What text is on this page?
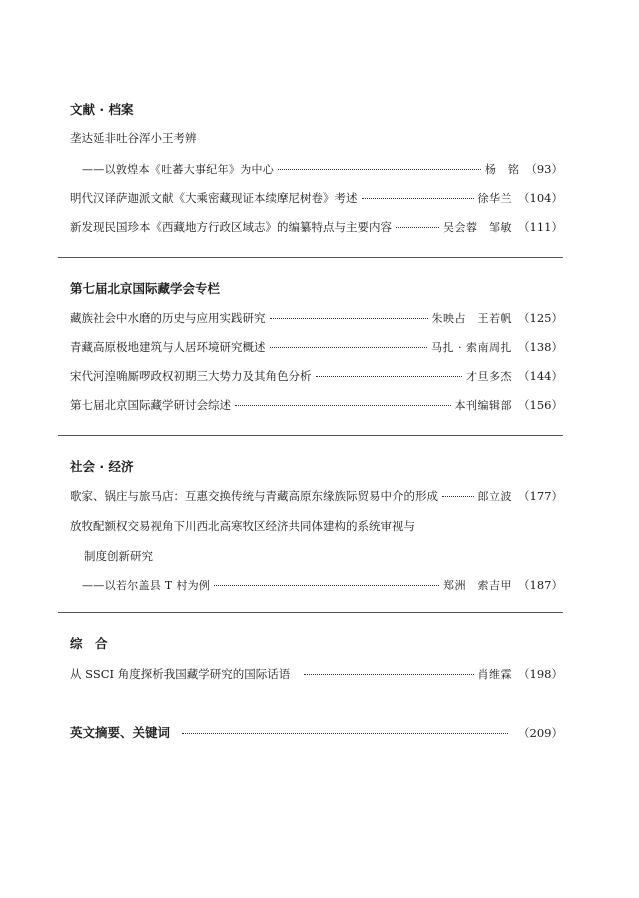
文献 · 档案
垄达延非吐谷浑小王考辨
——以敦煌本《吐蕃大事纪年》为中心	杨　铭 （93）
明代汉译萨迦派文献《大乘密藏现证本续摩尼树卷》考述	徐华兰 （104）
新发现民国珍本《西藏地方行政区域志》的编纂特点与主要内容	吴会蓉　邹敏 （111）
第七届北京国际藏学会专栏
藏族社会中水磨的历史与应用实践研究	朱映占　王若帆 （125）
青藏高原极地建筑与人居环境研究概述	马扎 · 索南周扎 （138）
宋代河湟唃厮啰政权初期三大势力及其角色分析	才旦多杰 （144）
第七届北京国际藏学研讨会综述	本刊编辑部 （156）
社会 · 经济
歌家、锅庄与旅马店：互惠交换传统与青藏高原东缘族际贸易中介的形成	郎立波 （177）
放牧配额权交易视角下川西北高寒牧区经济共同体建构的系统审视与
制度创新研究
——以若尔盖县 T 村为例	郑洲　索吉甲 （187）
综　合
从 SSCI 角度探析我国藏学研究的国际话语	肖维霖 （198）
英文摘要、关键词	（209）
